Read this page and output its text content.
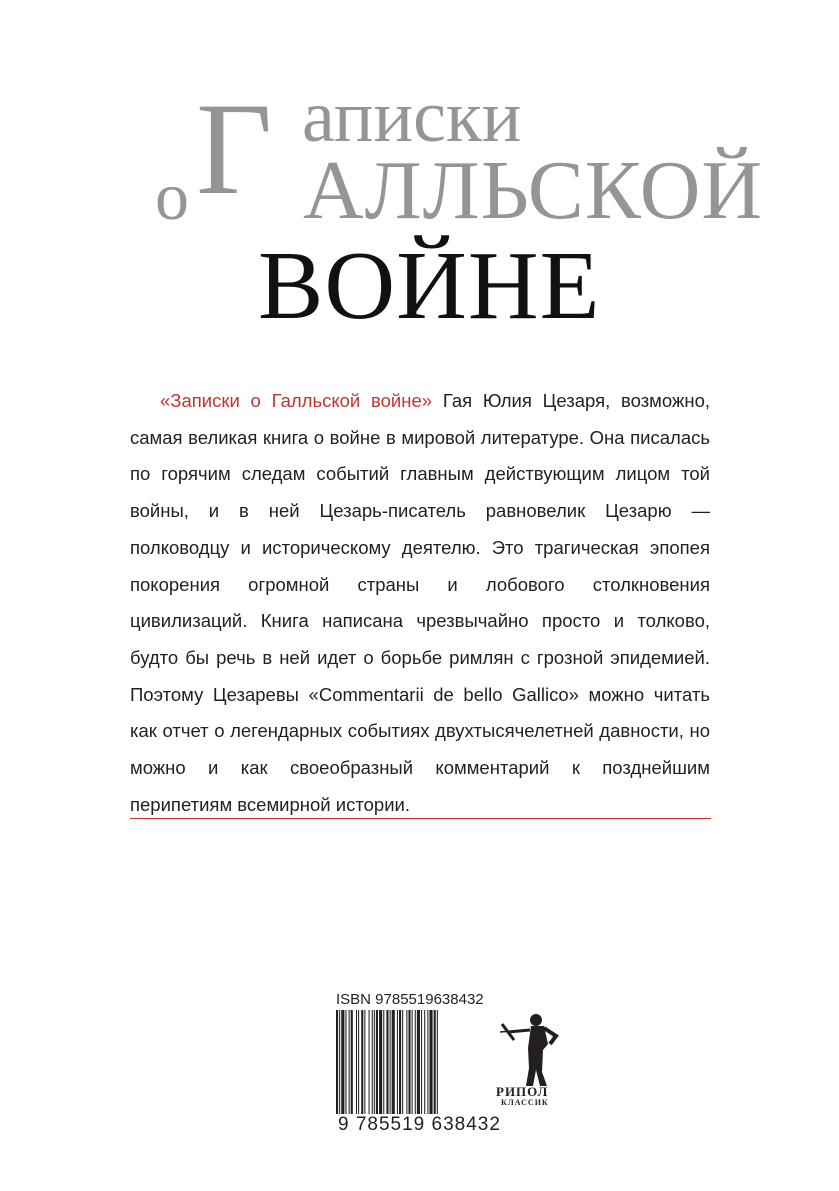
Г аписки
о АЛЛЬСКОЙ
ВОЙНЕ

«Записки о Галльской войне» Гая Юлия Цезаря, возможно, самая великая книга о войне в мировой литературе. Она писалась по горячим следам событий главным действующим лицом той войны, и в ней Цезарь-писатель равновелик Цезарю — полководцу и историческому деятелю. Это трагическая эпопея покорения огромной страны и лобового столкновения цивилизаций. Книга написана чрезвычайно просто и толково, будто бы речь в ней идет о борьбе римлян с грозной эпидемией. Поэтому Цезаревы «Commentarii de bello Gallico» можно читать как отчет о легендарных событиях двухтысячелетней давности, но можно и как своеобразный комментарий к позднейшим перипетиям всемирной истории.

ISBN 9785519638432
9 785519 638432
РИПОЛ
КЛАССИК
